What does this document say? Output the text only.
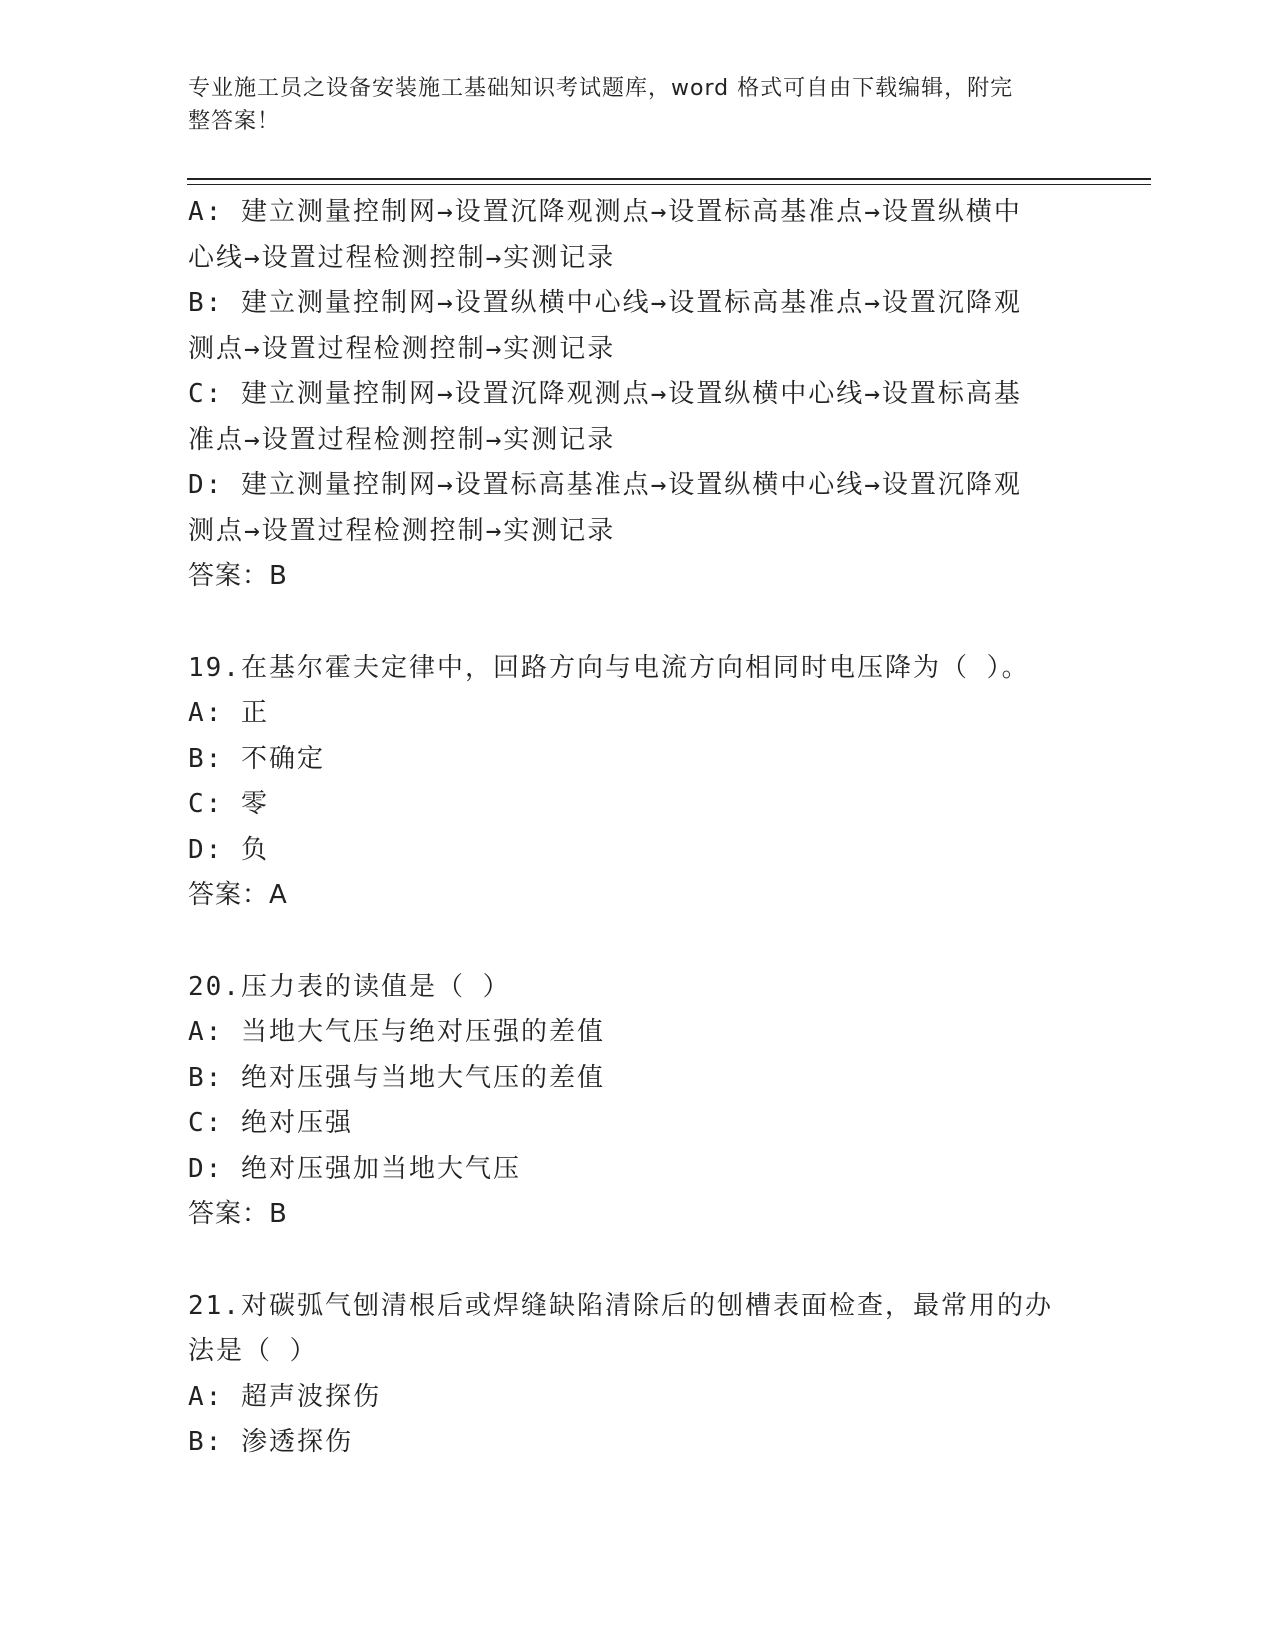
专业施工员之设备安装施工基础知识考试题库，word 格式可自由下载编辑，附完
整答案！
A: 建立测量控制网→设置沉降观测点→设置标高基准点→设置纵横中
心线→设置过程检测控制→实测记录
B: 建立测量控制网→设置纵横中心线→设置标高基准点→设置沉降观
测点→设置过程检测控制→实测记录
C: 建立测量控制网→设置沉降观测点→设置纵横中心线→设置标高基
准点→设置过程检测控制→实测记录
D: 建立测量控制网→设置标高基准点→设置纵横中心线→设置沉降观
测点→设置过程检测控制→实测记录
答案：B
19.在基尔霍夫定律中，回路方向与电流方向相同时电压降为（ ）。
A: 正
B: 不确定
C: 零
D: 负
答案：A
20.压力表的读值是（ ）
A: 当地大气压与绝对压强的差值
B: 绝对压强与当地大气压的差值
C: 绝对压强
D: 绝对压强加当地大气压
答案：B
21.对碳弧气刨清根后或焊缝缺陷清除后的刨槽表面检查，最常用的办
法是（ ）
A: 超声波探伤
B: 渗透探伤
